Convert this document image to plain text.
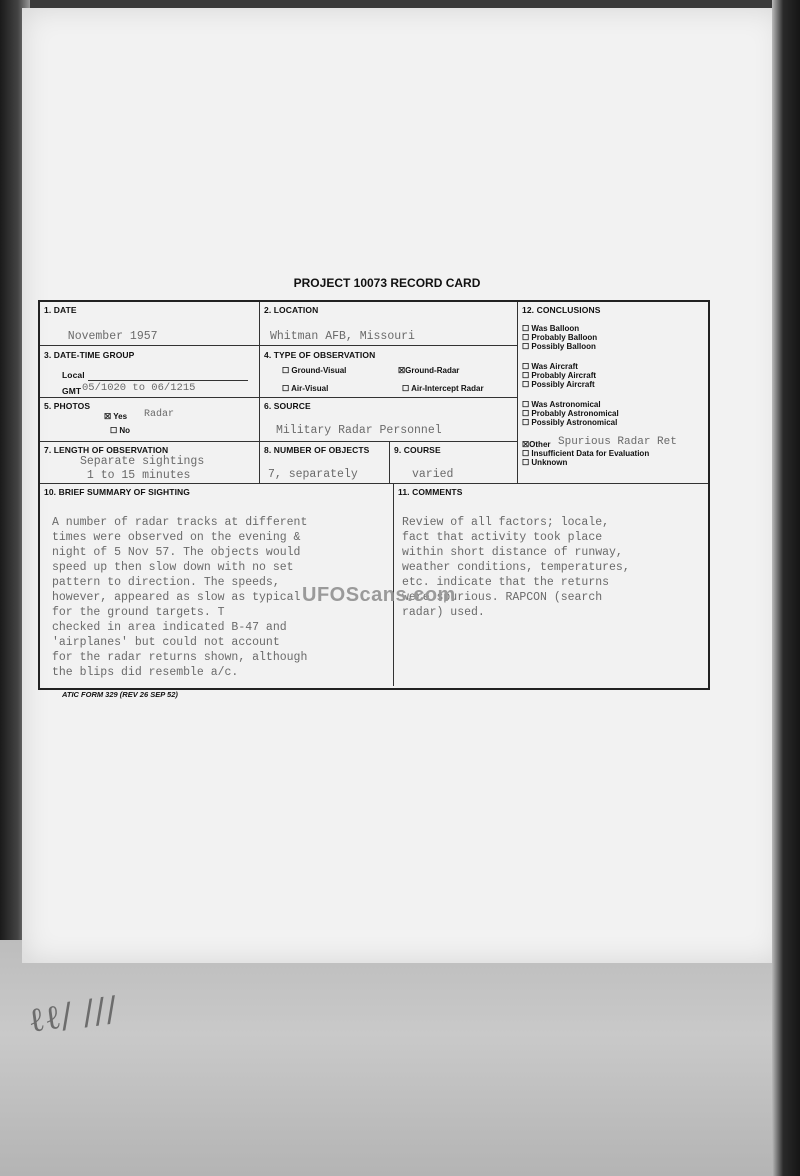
ℓℓ/ ///
PROJECT 10073 RECORD CARD
1. DATE
November 1957
2. LOCATION
Whitman AFB, Missouri
3. DATE-TIME GROUP
Local
GMT 05/1020 to 06/1215
4. TYPE OF OBSERVATION
☐ Ground-Visual	☒Ground-Radar
☐ Air-Visual	☐ Air-Intercept Radar
5. PHOTOS
☒ Yes Radar
☐ No
6. SOURCE
Military Radar Personnel
7. LENGTH OF OBSERVATION
Separate sightings
1 to 15 minutes
8. NUMBER OF OBJECTS
7, separately
9. COURSE
varied
10. BRIEF SUMMARY OF SIGHTING

A number of radar tracks at different
times were observed on the evening &
night of 5 Nov 57. The objects would
speed up then slow down with no set
pattern to direction. The speeds,
however, appeared as slow as typical
for the ground targets. T
checked in area indicated B-47 and
'airplanes' but could not account
for the radar returns shown, although
the blips did resemble a/c.
11. COMMENTS

Review of all factors; locale,
fact that activity took place
within short distance of runway,
weather conditions, temperatures,
etc. indicate that the returns
were spurious. RAPCON (search
radar) used.
12. CONCLUSIONS
☐ Was Balloon
☐ Probably Balloon
☐ Possibly Balloon
☐ Was Aircraft
☐ Probably Aircraft
☐ Possibly Aircraft
☐ Was Astronomical
☐ Probably Astronomical
☐ Possibly Astronomical
☒Other Spurious Radar Ret
☐ Insufficient Data for Evaluation
☐ Unknown
ATIC FORM 329 (REV 26 SEP 52)
UFOScans.com
